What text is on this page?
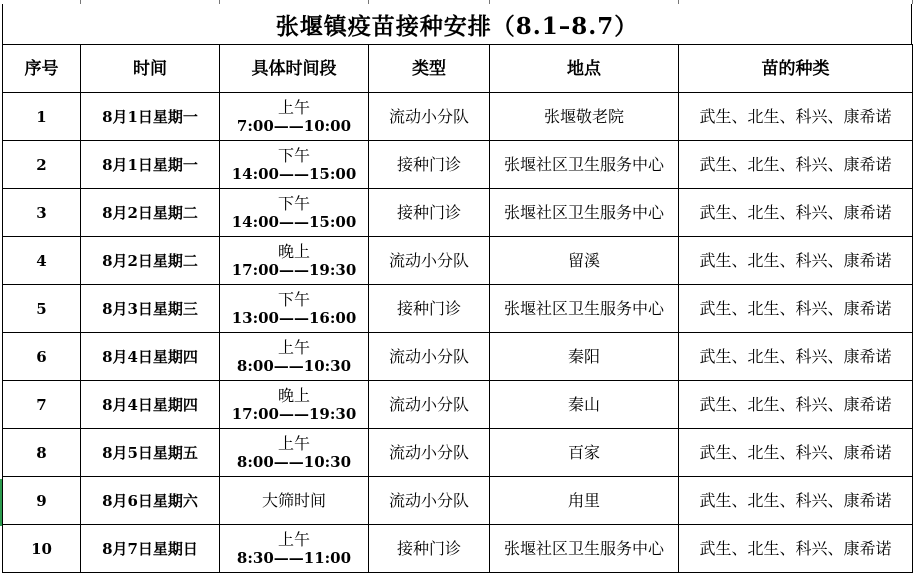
张堰镇疫苗接种安排（8.1–8.7）
序号	时间	具体时间段	类型	地点	苗的种类
1	8月1日星期一	上午
7:00——10:00	流动小分队	张堰敬老院	武生、北生、科兴、康希诺
2	8月1日星期一	下午
14:00——15:00	接种门诊	张堰社区卫生服务中心	武生、北生、科兴、康希诺
3	8月2日星期二	下午
14:00——15:00	接种门诊	张堰社区卫生服务中心	武生、北生、科兴、康希诺
4	8月2日星期二	晚上
17:00——19:30	流动小分队	留溪	武生、北生、科兴、康希诺
5	8月3日星期三	下午
13:00——16:00	接种门诊	张堰社区卫生服务中心	武生、北生、科兴、康希诺
6	8月4日星期四	上午
8:00——10:30	流动小分队	秦阳	武生、北生、科兴、康希诺
7	8月4日星期四	晚上
17:00——19:30	流动小分队	秦山	武生、北生、科兴、康希诺
8	8月5日星期五	上午
8:00——10:30	流动小分队	百家	武生、北生、科兴、康希诺
9	8月6日星期六	大筛时间	流动小分队	甪里	武生、北生、科兴、康希诺
10	8月7日星期日	上午
8:30——11:00	接种门诊	张堰社区卫生服务中心	武生、北生、科兴、康希诺
